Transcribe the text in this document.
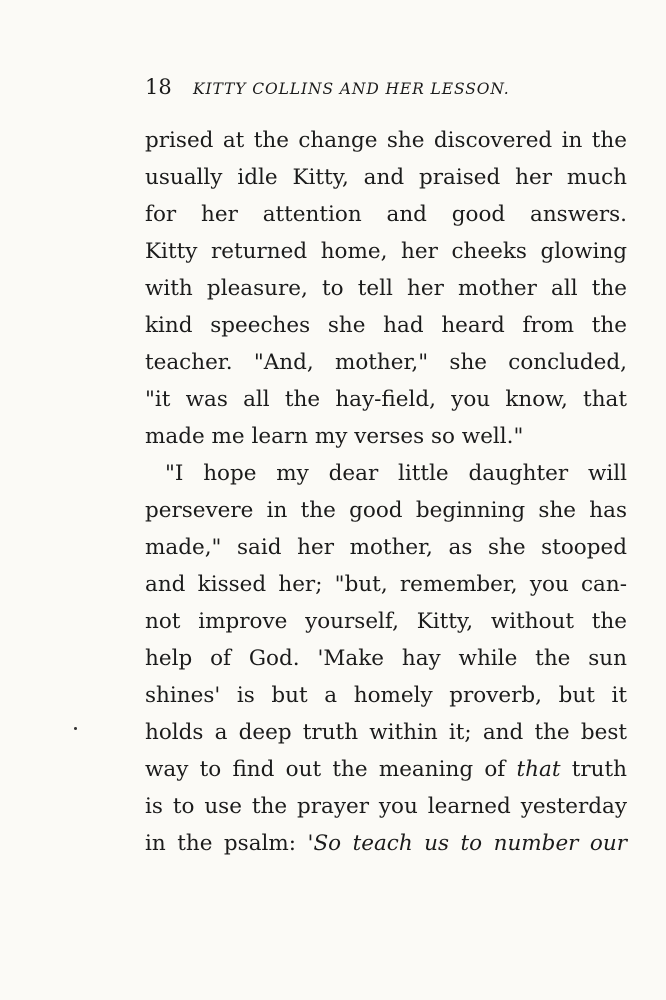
18 KITTY COLLINS AND HER LESSON.
prised at the change she discovered in the
usually idle Kitty, and praised her much
for her attention and good answers.
Kitty returned home, her cheeks glowing
with pleasure, to tell her mother all the
kind speeches she had heard from the
teacher. "And, mother," she concluded,
"it was all the hay-field, you know, that
made me learn my verses so well."
"I hope my dear little daughter will
persevere in the good beginning she has
made," said her mother, as she stooped
and kissed her; "but, remember, you can-
not improve yourself, Kitty, without the
help of God. 'Make hay while the sun
shines' is but a homely proverb, but it
holds a deep truth within it; and the best
way to find out the meaning of that truth
is to use the prayer you learned yesterday
in the psalm: 'So teach us to number our
